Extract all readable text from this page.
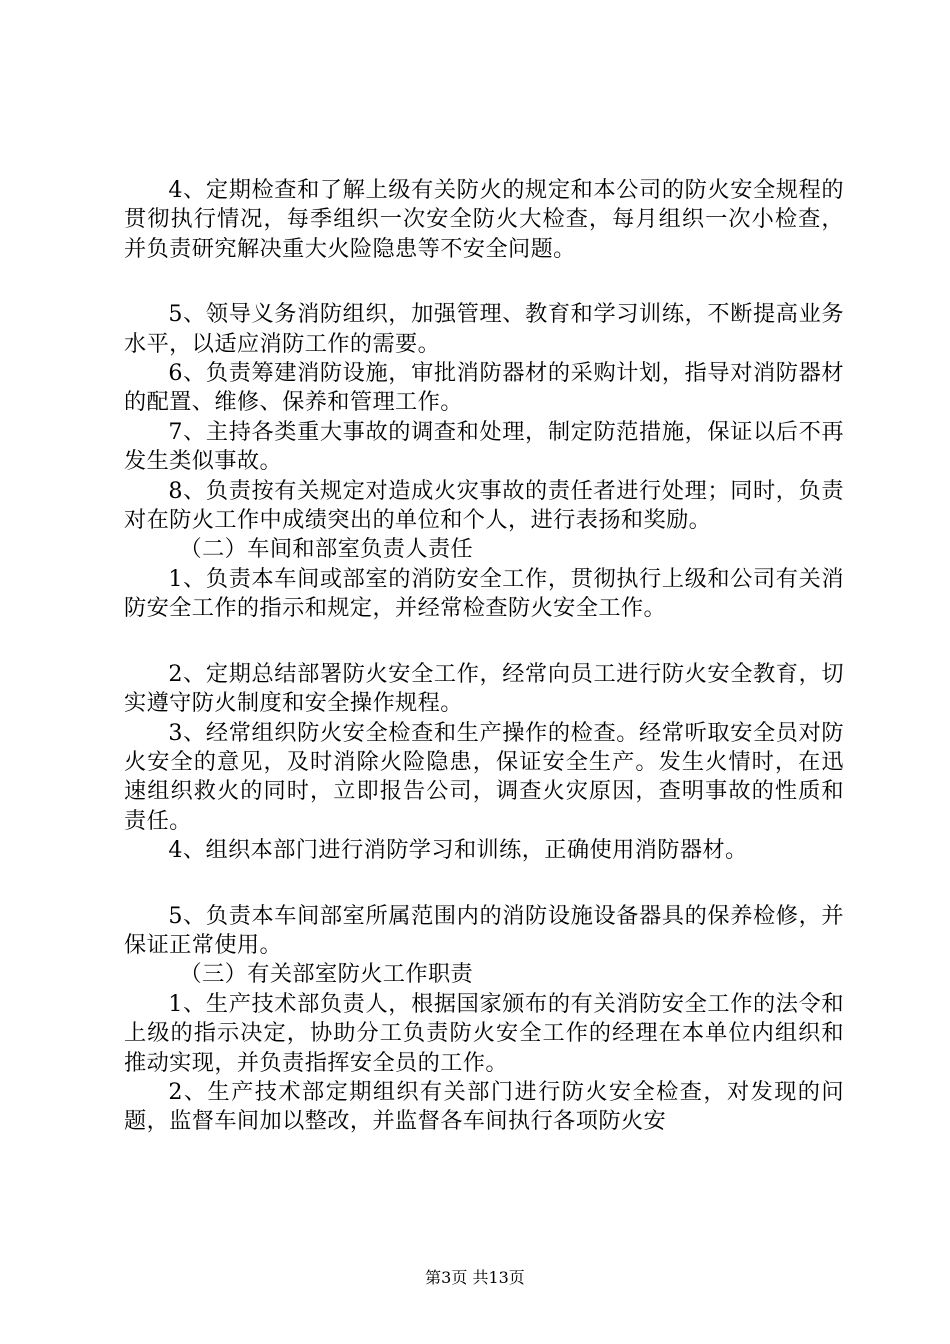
4、定期检查和了解上级有关防火的规定和本公司的防火安全规程的贯彻执行情况，每季组织一次安全防火大检查，每月组织一次小检查，并负责研究解决重大火险隐患等不安全问题。

5、领导义务消防组织，加强管理、教育和学习训练，不断提高业务水平，以适应消防工作的需要。

6、负责筹建消防设施，审批消防器材的采购计划，指导对消防器材的配置、维修、保养和管理工作。

7、主持各类重大事故的调查和处理，制定防范措施，保证以后不再发生类似事故。

8、负责按有关规定对造成火灾事故的责任者进行处理；同时，负责对在防火工作中成绩突出的单位和个人，进行表扬和奖励。

（二）车间和部室负责人责任

1、负责本车间或部室的消防安全工作，贯彻执行上级和公司有关消防安全工作的指示和规定，并经常检查防火安全工作。

2、定期总结部署防火安全工作，经常向员工进行防火安全教育，切实遵守防火制度和安全操作规程。

3、经常组织防火安全检查和生产操作的检查。经常听取安全员对防火安全的意见，及时消除火险隐患，保证安全生产。发生火情时，在迅速组织救火的同时，立即报告公司，调查火灾原因，查明事故的性质和责任。

4、组织本部门进行消防学习和训练，正确使用消防器材。

5、负责本车间部室所属范围内的消防设施设备器具的保养检修，并保证正常使用。

（三）有关部室防火工作职责

1、生产技术部负责人，根据国家颁布的有关消防安全工作的法令和上级的指示决定，协助分工负责防火安全工作的经理在本单位内组织和推动实现，并负责指挥安全员的工作。

2、生产技术部定期组织有关部门进行防火安全检查，对发现的问题，监督车间加以整改，并监督各车间执行各项防火安

第3页 共13页
